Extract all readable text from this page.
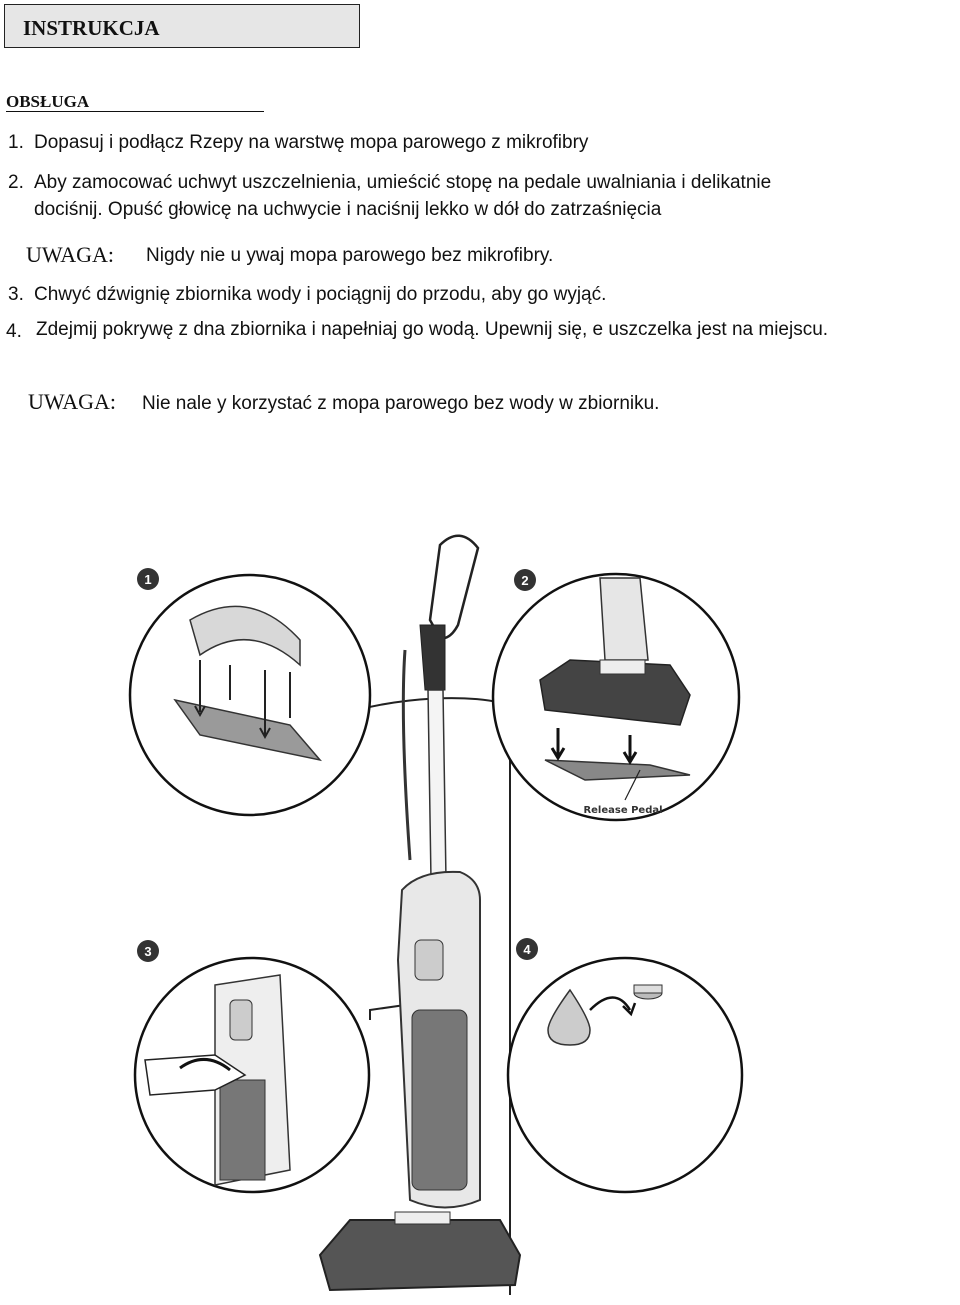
INSTRUKCJA
OBSŁUGA
1. Dopasuj i podłącz Rzepy na warstwę mopa parowego z mikrofibry
2. Aby zamocować uchwyt uszczelnienia, umieścić stopę na pedale uwalniania i delikatnie
dociśnij. Opuść głowicę na uchwycie i naciśnij lekko w dół do zatrzaśnięcia
UWAGA: Nigdy nie u ywaj mopa parowego bez mikrofibry.
3. Chwyć dźwignię zbiornika wody i pociągnij do przodu, aby go wyjąć.
4. Zdejmij pokrywę z dna zbiornika i napełniaj go wodą. Upewnij się, e uszczelka jest na miejscu.
UWAGA: Nie nale y korzystać z mopa parowego bez wody w zbiorniku.
1
Release Pedal
2
3	4
